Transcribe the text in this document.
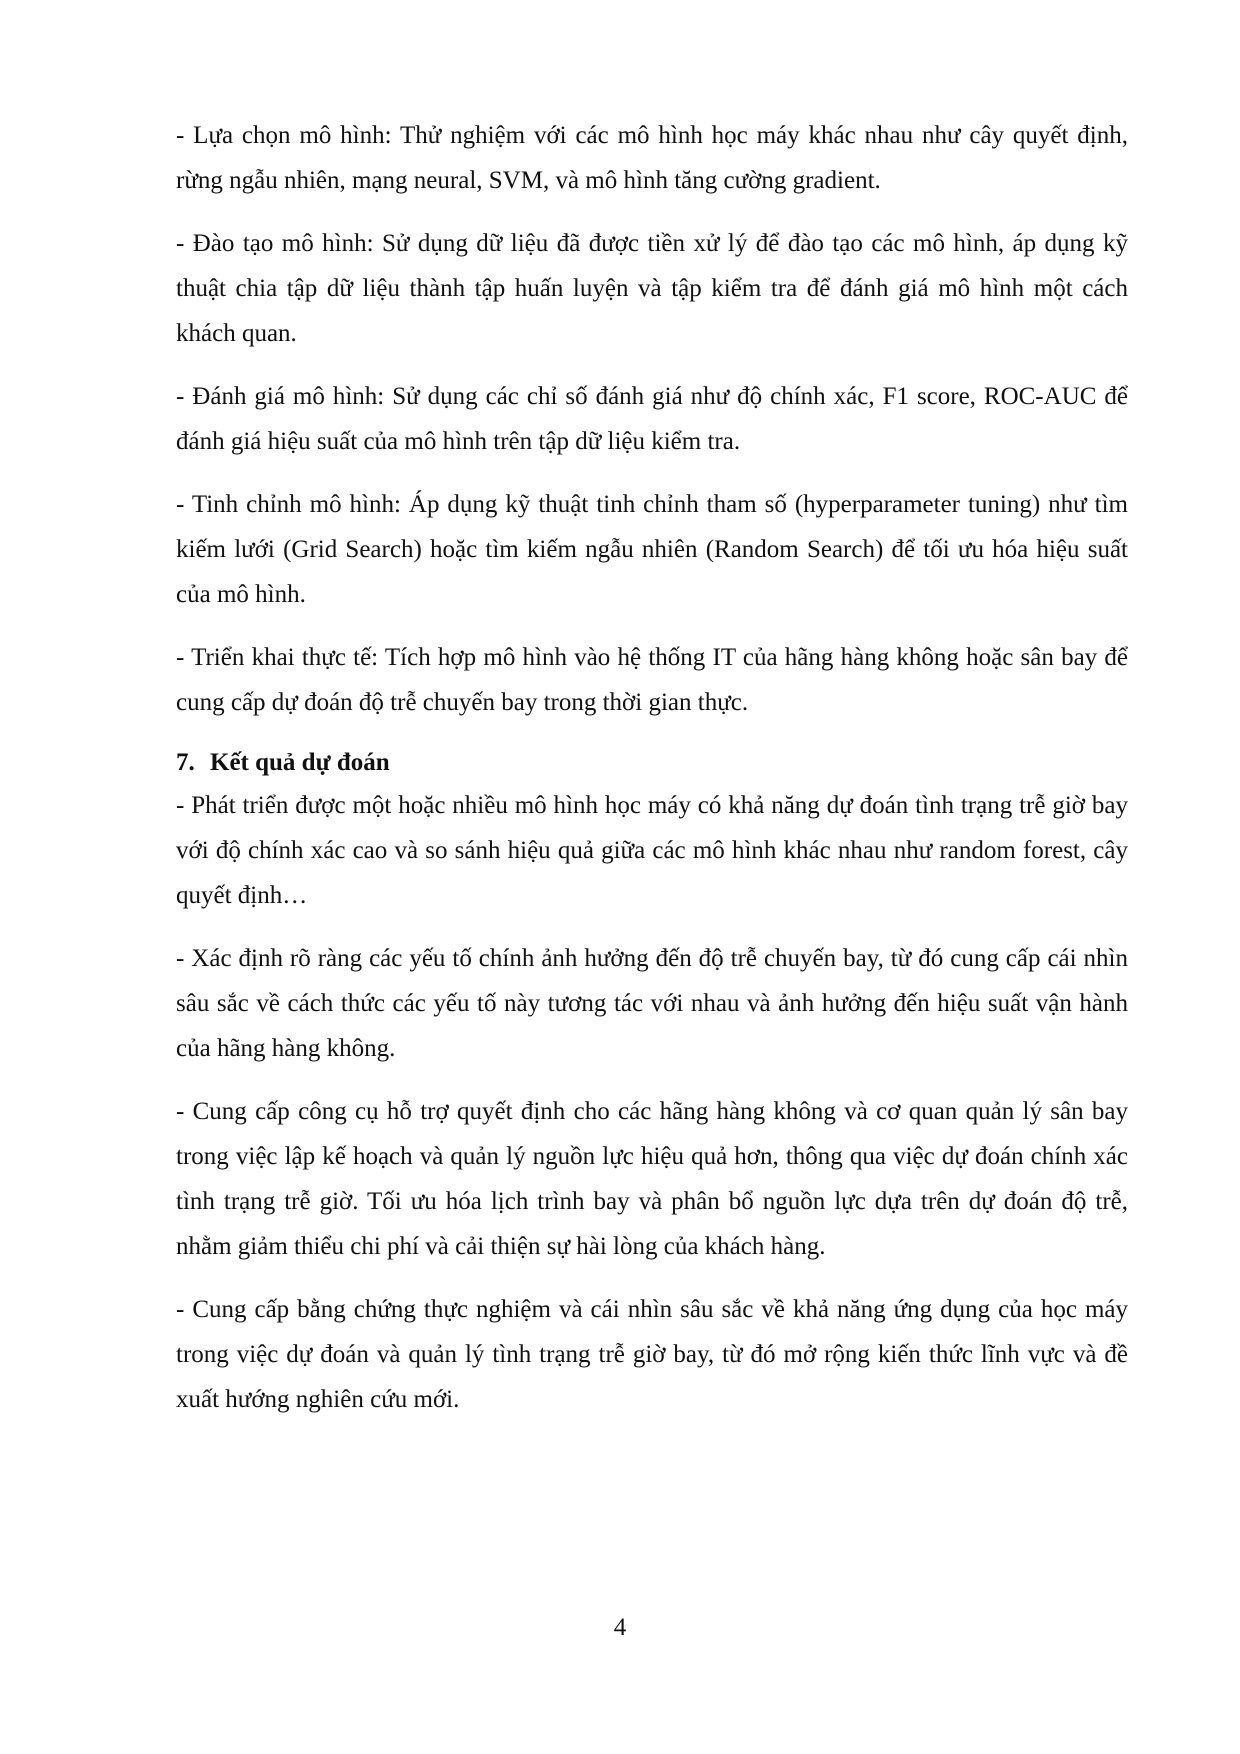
- Lựa chọn mô hình: Thử nghiệm với các mô hình học máy khác nhau như cây quyết định, rừng ngẫu nhiên, mạng neural, SVM, và mô hình tăng cường gradient.

- Đào tạo mô hình: Sử dụng dữ liệu đã được tiền xử lý để đào tạo các mô hình, áp dụng kỹ thuật chia tập dữ liệu thành tập huấn luyện và tập kiểm tra để đánh giá mô hình một cách khách quan.

- Đánh giá mô hình: Sử dụng các chỉ số đánh giá như độ chính xác, F1 score, ROC-AUC để đánh giá hiệu suất của mô hình trên tập dữ liệu kiểm tra.

- Tinh chỉnh mô hình: Áp dụng kỹ thuật tinh chỉnh tham số (hyperparameter tuning) như tìm kiếm lưới (Grid Search) hoặc tìm kiếm ngẫu nhiên (Random Search) để tối ưu hóa hiệu suất của mô hình.

- Triển khai thực tế: Tích hợp mô hình vào hệ thống IT của hãng hàng không hoặc sân bay để cung cấp dự đoán độ trễ chuyến bay trong thời gian thực.

7. Kết quả dự đoán

- Phát triển được một hoặc nhiều mô hình học máy có khả năng dự đoán tình trạng trễ giờ bay với độ chính xác cao và so sánh hiệu quả giữa các mô hình khác nhau như random forest, cây quyết định…

- Xác định rõ ràng các yếu tố chính ảnh hưởng đến độ trễ chuyến bay, từ đó cung cấp cái nhìn sâu sắc về cách thức các yếu tố này tương tác với nhau và ảnh hưởng đến hiệu suất vận hành của hãng hàng không.

- Cung cấp công cụ hỗ trợ quyết định cho các hãng hàng không và cơ quan quản lý sân bay trong việc lập kế hoạch và quản lý nguồn lực hiệu quả hơn, thông qua việc dự đoán chính xác tình trạng trễ giờ. Tối ưu hóa lịch trình bay và phân bổ nguồn lực dựa trên dự đoán độ trễ, nhằm giảm thiểu chi phí và cải thiện sự hài lòng của khách hàng.

- Cung cấp bằng chứng thực nghiệm và cái nhìn sâu sắc về khả năng ứng dụng của học máy trong việc dự đoán và quản lý tình trạng trễ giờ bay, từ đó mở rộng kiến thức lĩnh vực và đề xuất hướng nghiên cứu mới.

4
